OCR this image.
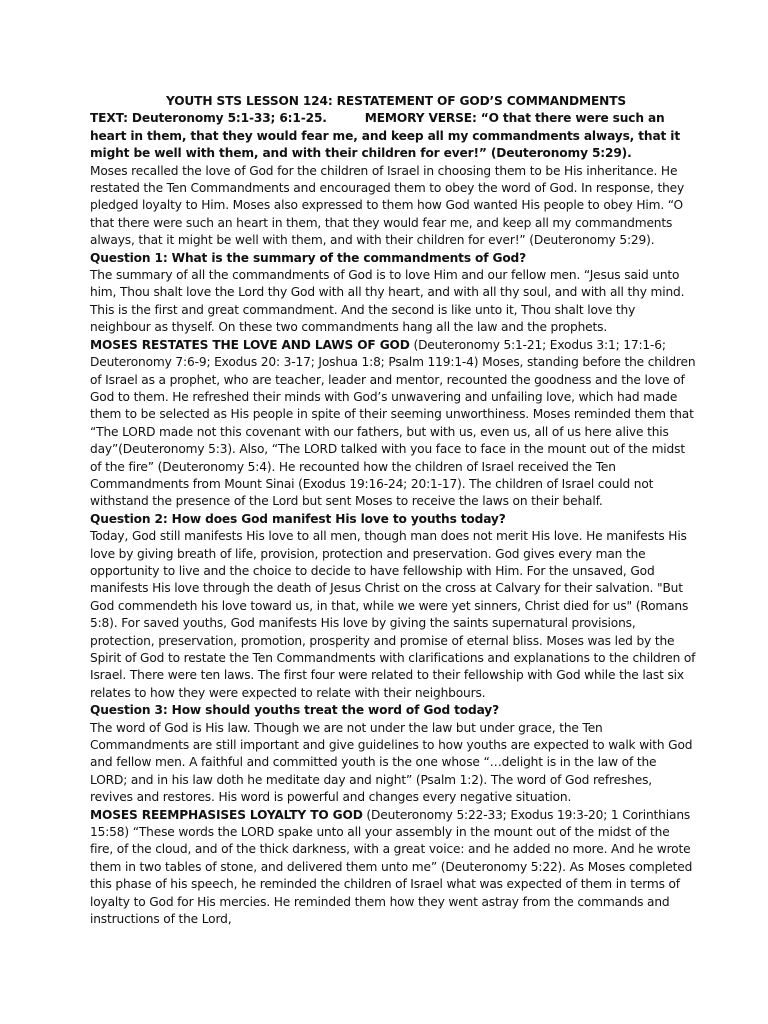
YOUTH STS LESSON 124: RESTATEMENT OF GOD’S COMMANDMENTS

TEXT: Deuteronomy 5:1-33; 6:1-25.	MEMORY VERSE: “O that there were such an heart in them, that they would fear me, and keep all my commandments always, that it might be well with them, and with their children for ever!” (Deuteronomy 5:29).

Moses recalled the love of God for the children of Israel in choosing them to be His inheritance. He restated the Ten Commandments and encouraged them to obey the word of God. In response, they pledged loyalty to Him. Moses also expressed to them how God wanted His people to obey Him. “O that there were such an heart in them, that they would fear me, and keep all my commandments always, that it might be well with them, and with their children for ever!” (Deuteronomy 5:29).

Question 1: What is the summary of the commandments of God?

The summary of all the commandments of God is to love Him and our fellow men. “Jesus said unto him, Thou shalt love the Lord thy God with all thy heart, and with all thy soul, and with all thy mind. This is the first and great commandment. And the second is like unto it, Thou shalt love thy neighbour as thyself. On these two commandments hang all the law and the prophets.

MOSES RESTATES THE LOVE AND LAWS OF GOD (Deuteronomy 5:1-21; Exodus 3:1; 17:1-6; Deuteronomy 7:6-9; Exodus 20: 3-17; Joshua 1:8; Psalm 119:1-4) Moses, standing before the children of Israel as a prophet, who are teacher, leader and mentor, recounted the goodness and the love of God to them. He refreshed their minds with God’s unwavering and unfailing love, which had made them to be selected as His people in spite of their seeming unworthiness. Moses reminded them that “The LORD made not this covenant with our fathers, but with us, even us, all of us here alive this day”(Deuteronomy 5:3). Also, “The LORD talked with you face to face in the mount out of the midst of the fire” (Deuteronomy 5:4). He recounted how the children of Israel received the Ten Commandments from Mount Sinai (Exodus 19:16-24; 20:1-17). The children of Israel could not withstand the presence of the Lord but sent Moses to receive the laws on their behalf.

Question 2: How does God manifest His love to youths today?

Today, God still manifests His love to all men, though man does not merit His love. He manifests His love by giving breath of life, provision, protection and preservation. God gives every man the opportunity to live and the choice to decide to have fellowship with Him. For the unsaved, God manifests His love through the death of Jesus Christ on the cross at Calvary for their salvation. "But God commendeth his love toward us, in that, while we were yet sinners, Christ died for us" (Romans 5:8). For saved youths, God manifests His love by giving the saints supernatural provisions, protection, preservation, promotion, prosperity and promise of eternal bliss. Moses was led by the Spirit of God to restate the Ten Commandments with clarifications and explanations to the children of Israel. There were ten laws. The first four were related to their fellowship with God while the last six relates to how they were expected to relate with their neighbours.

Question 3: How should youths treat the word of God today?

The word of God is His law. Though we are not under the law but under grace, the Ten Commandments are still important and give guidelines to how youths are expected to walk with God and fellow men. A faithful and committed youth is the one whose “…delight is in the law of the LORD; and in his law doth he meditate day and night” (Psalm 1:2). The word of God refreshes, revives and restores. His word is powerful and changes every negative situation.

MOSES REEMPHASISES LOYALTY TO GOD (Deuteronomy 5:22-33; Exodus 19:3-20; 1 Corinthians 15:58) “These words the LORD spake unto all your assembly in the mount out of the midst of the fire, of the cloud, and of the thick darkness, with a great voice: and he added no more. And he wrote them in two tables of stone, and delivered them unto me” (Deuteronomy 5:22). As Moses completed this phase of his speech, he reminded the children of Israel what was expected of them in terms of loyalty to God for His mercies. He reminded them how they went astray from the commands and instructions of the Lord,
